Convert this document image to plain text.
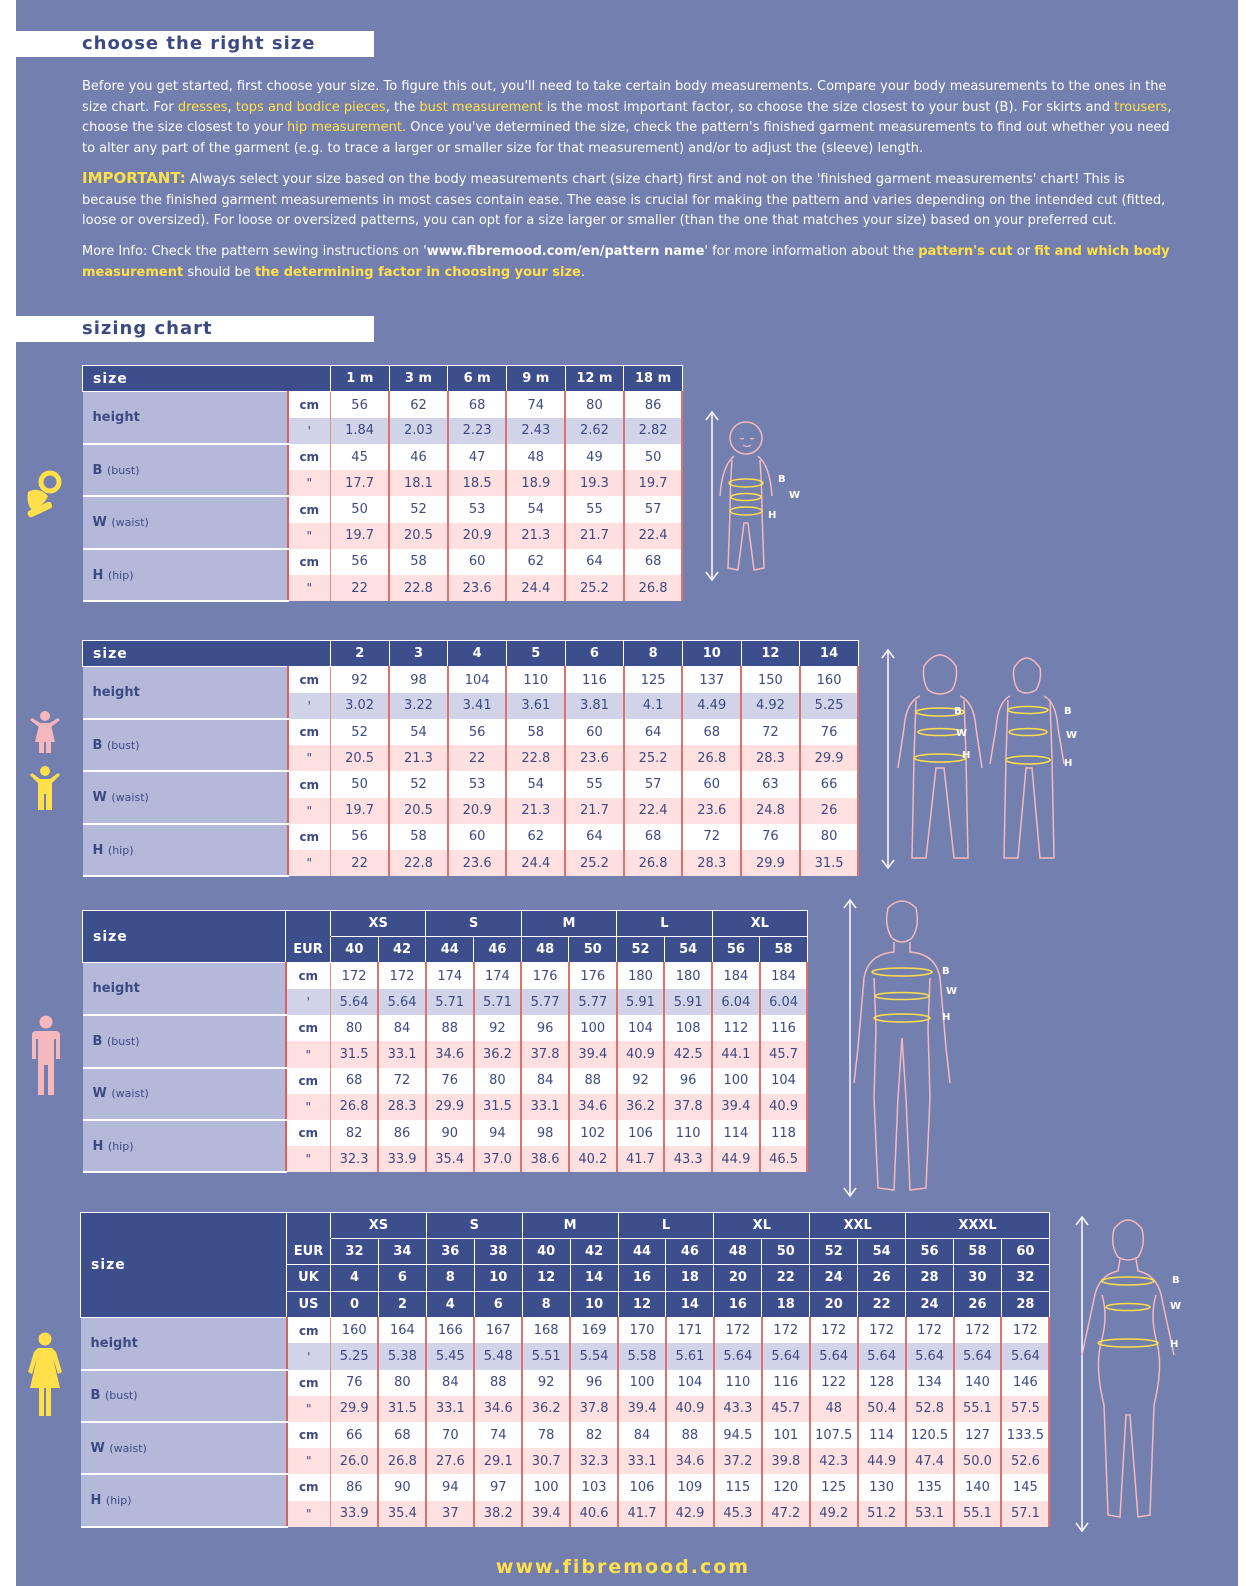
choose the right size
Before you get started, first choose your size. To figure this out, you'll need to take certain body measurements. Compare your body measurements to the ones in the size chart. For dresses, tops and bodice pieces, the bust measurement is the most important factor, so choose the size closest to your bust (B). For skirts and trousers, choose the size closest to your hip measurement. Once you've determined the size, check the pattern's finished garment measurements to find out whether you need to alter any part of the garment (e.g. to trace a larger or smaller size for that measurement) and/or to adjust the (sleeve) length.
IMPORTANT: Always select your size based on the body measurements chart (size chart) first and not on the 'finished garment measurements' chart! This is because the finished garment measurements in most cases contain ease. The ease is crucial for making the pattern and varies depending on the intended cut (fitted, loose or oversized). For loose or oversized patterns, you can opt for a size larger or smaller (than the one that matches your size) based on your preferred cut.
More Info: Check the pattern sewing instructions on 'www.fibremood.com/en/pattern name' for more information about the pattern's cut or fit and which body measurement should be the determining factor in choosing your size.
sizing chart
size		1 m	3 m	6 m	9 m	12 m	18 m
height	cm	56	62	68	74	80	86
	'	1.84	2.03	2.23	2.43	2.62	2.82
B (bust)	cm	45	46	47	48	49	50
	"	17.7	18.1	18.5	18.9	19.3	19.7
W (waist)	cm	50	52	53	54	55	57
	"	19.7	20.5	20.9	21.3	21.7	22.4
H (hip)	cm	56	58	60	62	64	68
	"	22	22.8	23.6	24.4	25.2	26.8
size		2	3	4	5	6	8	10	12	14
height	cm	92	98	104	110	116	125	137	150	160
	'	3.02	3.22	3.41	3.61	3.81	4.1	4.49	4.92	5.25
B (bust)	cm	52	54	56	58	60	64	68	72	76
	"	20.5	21.3	22	22.8	23.6	25.2	26.8	28.3	29.9
W (waist)	cm	50	52	53	54	55	57	60	63	66
	"	19.7	20.5	20.9	21.3	21.7	22.4	23.6	24.8	26
H (hip)	cm	56	58	60	62	64	68	72	76	80
	"	22	22.8	23.6	24.4	25.2	26.8	28.3	29.9	31.5
size		XS		S		M		L		XL	
	EUR	40	42	44	46	48	50	52	54	56	58
height	cm	172	172	174	174	176	176	180	180	184	184
	'	5.64	5.64	5.71	5.71	5.77	5.77	5.91	5.91	6.04	6.04
B (bust)	cm	80	84	88	92	96	100	104	108	112	116
	"	31.5	33.1	34.6	36.2	37.8	39.4	40.9	42.5	44.1	45.7
W (waist)	cm	68	72	76	80	84	88	92	96	100	104
	"	26.8	28.3	29.9	31.5	33.1	34.6	36.2	37.8	39.4	40.9
H (hip)	cm	82	86	90	94	98	102	106	110	114	118
	"	32.3	33.9	35.4	37.0	38.6	40.2	41.7	43.3	44.9	46.5
size		XS		S		M		L		XL		XXL		XXXL		
	EUR	32	34	36	38	40	42	44	46	48	50	52	54	56	58	60
	UK	4	6	8	10	12	14	16	18	20	22	24	26	28	30	32
	US	0	2	4	6	8	10	12	14	16	18	20	22	24	26	28
height	cm	160	164	166	167	168	169	170	171	172	172	172	172	172	172	172
	'	5.25	5.38	5.45	5.48	5.51	5.54	5.58	5.61	5.64	5.64	5.64	5.64	5.64	5.64	5.64
B (bust)	cm	76	80	84	88	92	96	100	104	110	116	122	128	134	140	146
	"	29.9	31.5	33.1	34.6	36.2	37.8	39.4	40.9	43.3	45.7	48	50.4	52.8	55.1	57.5
W (waist)	cm	66	68	70	74	78	82	84	88	94.5	101	107.5	114	120.5	127	133.5
	"	26.0	26.8	27.6	29.1	30.7	32.3	33.1	34.6	37.2	39.8	42.3	44.9	47.4	50.0	52.6
H (hip)	cm	86	90	94	97	100	103	106	109	115	120	125	130	135	140	145
	"	33.9	35.4	37	38.2	39.4	40.6	41.7	42.9	45.3	47.2	49.2	51.2	53.1	55.1	57.1
B
W
H
B
W
H
B
W
H
B
W
H
B
W
H
www.fibremood.com
